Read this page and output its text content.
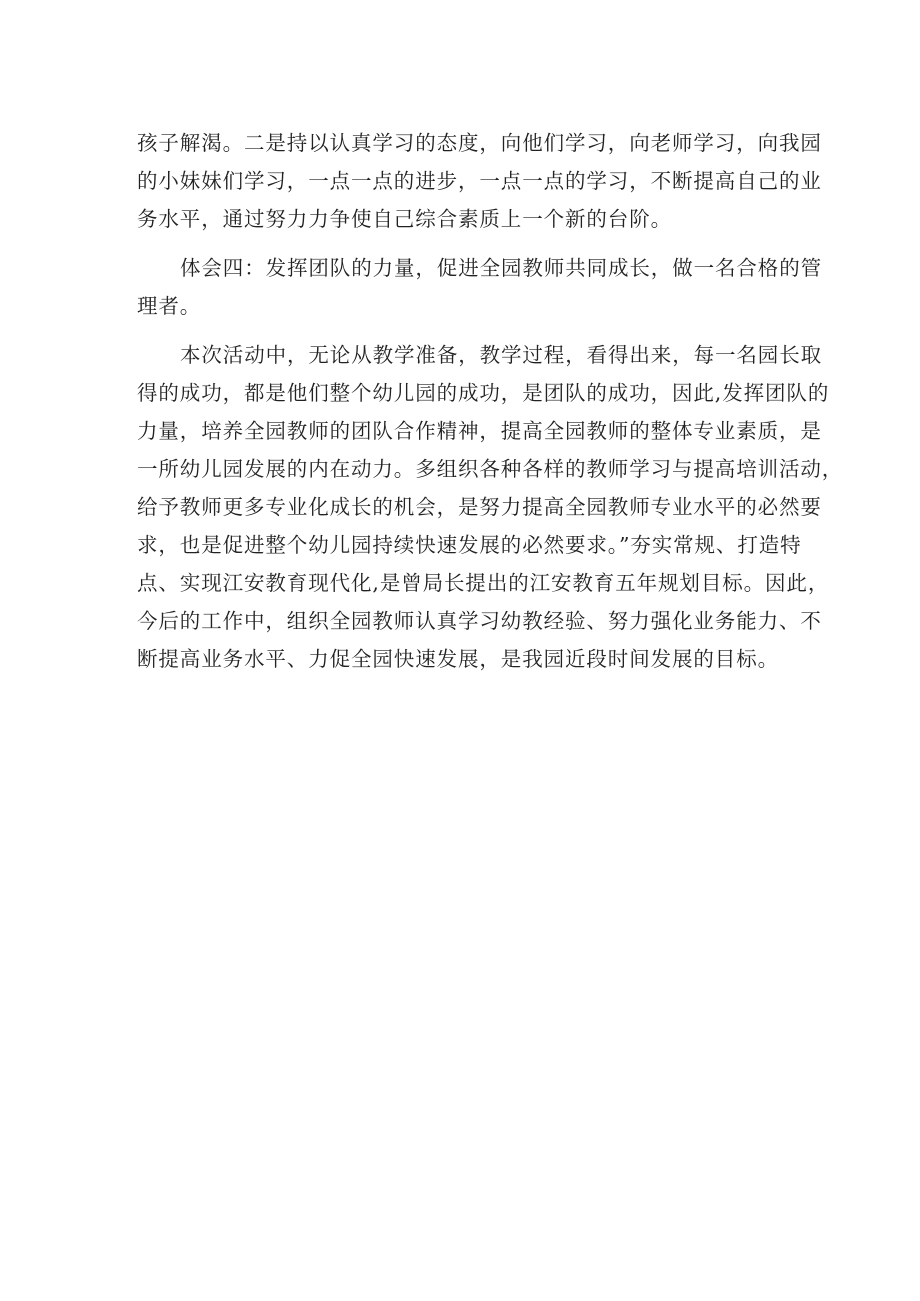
孩子解渴。二是持以认真学习的态度，向他们学习，向老师学习，向我园
的小妹妹们学习，一点一点的进步，一点一点的学习，不断提高自己的业
务水平，通过努力力争使自己综合素质上一个新的台阶。
体会四：发挥团队的力量，促进全园教师共同成长，做一名合格的管
理者。
本次活动中，无论从教学准备，教学过程，看得出来，每一名园长取
得的成功，都是他们整个幼儿园的成功，是团队的成功，因此,发挥团队的
力量，培养全园教师的团队合作精神，提高全园教师的整体专业素质，是
一所幼儿园发展的内在动力。多组织各种各样的教师学习与提高培训活动，
给予教师更多专业化成长的机会，是努力提高全园教师专业水平的必然要
求，也是促进整个幼儿园持续快速发展的必然要求。”夯实常规、打造特
点、实现江安教育现代化,是曾局长提出的江安教育五年规划目标。因此，
今后的工作中，组织全园教师认真学习幼教经验、努力强化业务能力、不
断提高业务水平、力促全园快速发展，是我园近段时间发展的目标。
